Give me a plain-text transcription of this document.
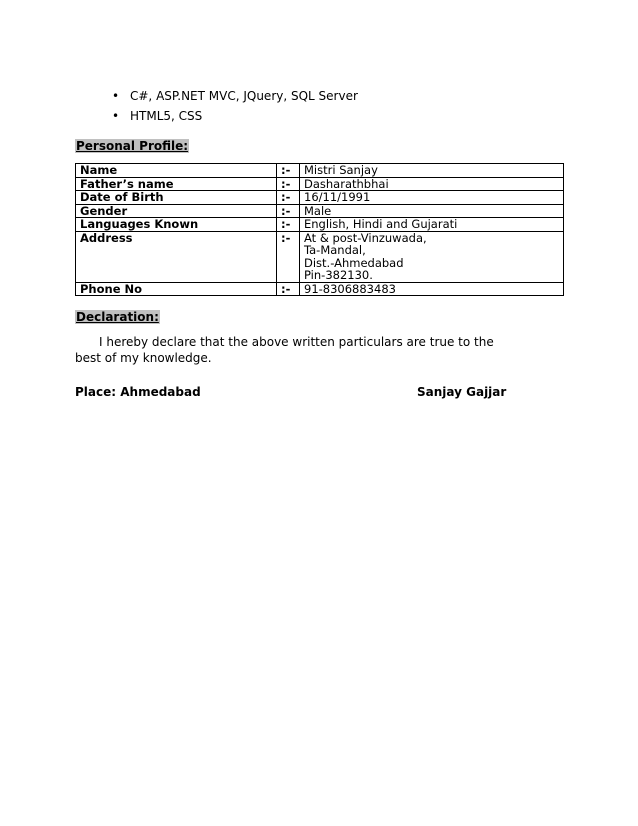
• C#, ASP.NET MVC, JQuery, SQL Server
• HTML5, CSS
Personal Profile:
Name	:-	Mistri Sanjay
Father’s name	:-	Dasharathbhai
Date of Birth	:-	16/11/1991
Gender	:-	Male
Languages Known	:-	English, Hindi and Gujarati
Address	:-	At & post-Vinzuwada,
Ta-Mandal,
Dist.-Ahmedabad
Pin-382130.

Phone No	:-	91-8306883483
Declaration:
I hereby declare that the above written particulars are true to the best of my knowledge.
Place: Ahmedabad	Sanjay Gajjar
